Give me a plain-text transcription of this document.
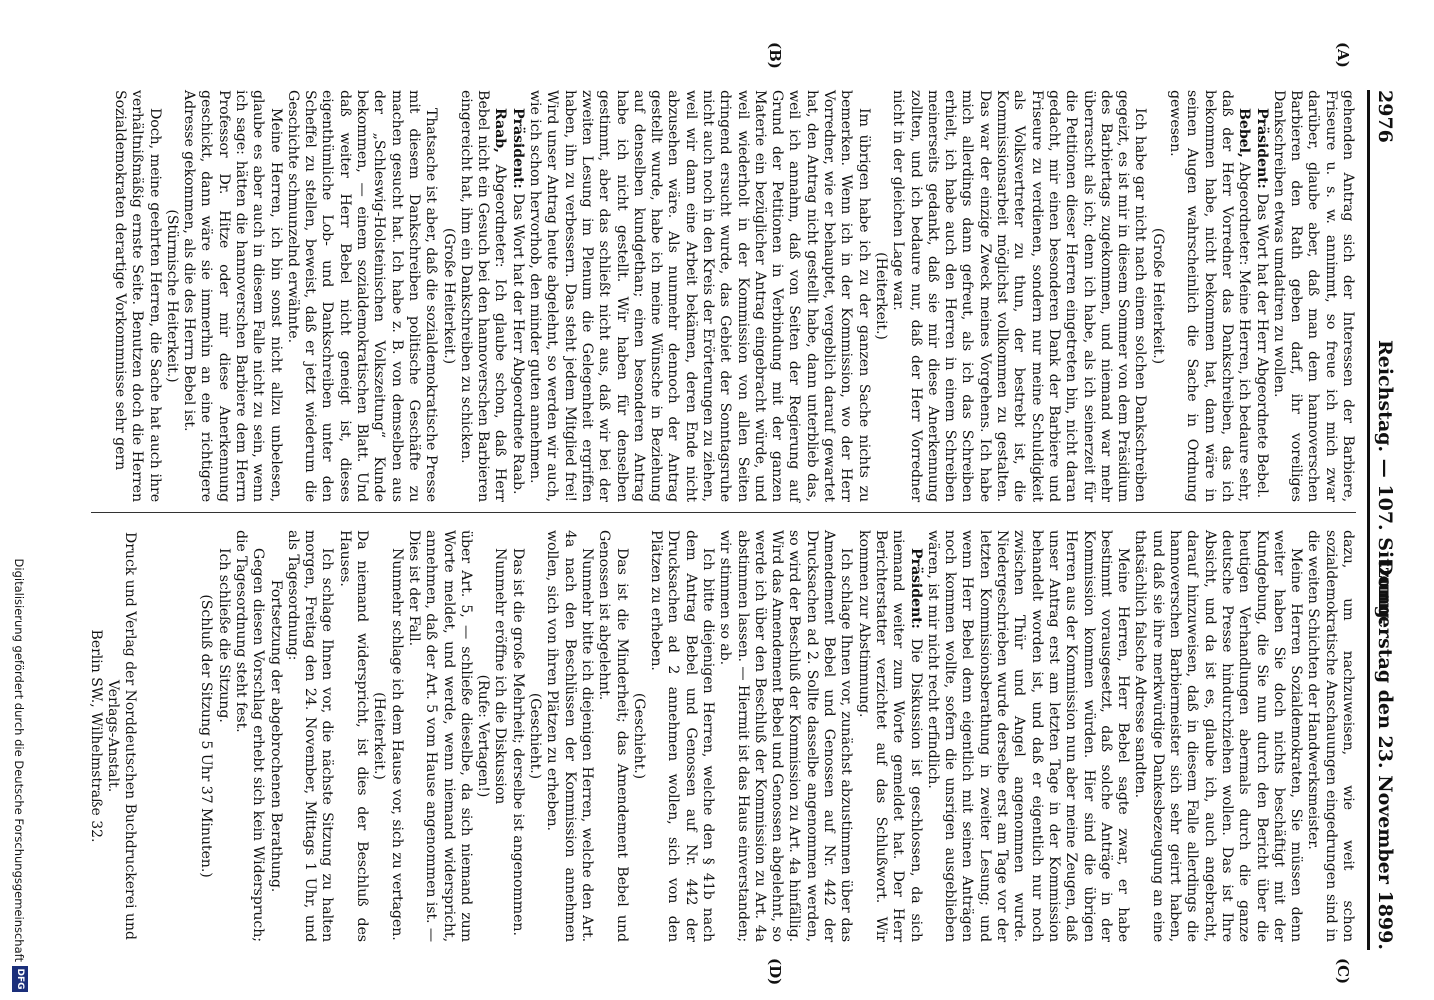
2976
Reichstag. — 107. Sitzung.
Donnerstag den 23. November 1899.
(A)
(B)
(C)
(D)

gehenden Antrag sich der Interessen der Barbiere, Friseure u. s. w. annimmt, so freue ich mich zwar darüber, glaube aber, daß man dem hannoverschen Barbieren den Rath geben darf, ihr voreiliges Dankschreiben etwas umdatiren zu wollen.

Präsident: Das Wort hat der Herr Abgeordnete Bebel.

Bebel, Abgeordneter: Meine Herren, ich bedaure sehr, daß der Herr Vorredner das Dankschreiben, das ich bekommen habe, nicht bekommen hat, dann wäre in seinen Augen wahrscheinlich die Sache in Ordnung gewesen.

(Große Heiterkeit.)

Ich habe gar nicht nach einem solchen Dankschreiben gegeizt, es ist mir in diesem Sommer von dem Präsidium des Barbiertags zugekommen, und niemand war mehr überrascht als ich; denn ich habe, als ich seinerzeit für die Petitionen dieser Herren eingetreten bin, nicht daran gedacht, mir einen besonderen Dank der Barbiere und Friseure zu verdienen, sondern nur meine Schuldigkeit als Volksvertreter zu thun, der bestrebt ist, die Kommissionsarbeit möglichst vollkommen zu gestalten. Das war der einzige Zweck meines Vorgehens. Ich habe mich allerdings dann gefreut, als ich das Schreiben erhielt, ich habe auch den Herren in einem Schreiben meinerseits gedankt, daß sie mir diese Anerkennung zollten, und ich bedaure nur, daß der Herr Vorredner nicht in der gleichen Lage war.

(Heiterkeit.)

Im übrigen habe ich zu der ganzen Sache nichts zu bemerken. Wenn ich in der Kommission, wo der Herr Vorredner, wie er behauptet, vergeblich darauf gewartet hat, den Antrag nicht gestellt habe, dann unterblieb das, weil ich annahm, daß von Seiten der Regierung auf Grund der Petitionen in Verbindung mit der ganzen Materie ein bezüglicher Antrag eingebracht würde, und weil wiederholt in der Kommission von allen Seiten dringend ersucht wurde, das Gebiet der Sonntagsruhe nicht auch noch in den Kreis der Erörterungen zu ziehen, weil wir dann eine Arbeit bekämen, deren Ende nicht abzusehen wäre. Als nunmehr dennoch der Antrag gestellt wurde, habe ich meine Wünsche in Beziehung auf denselben kundgethan; einen besonderen Antrag habe ich nicht gestellt. Wir haben für denselben gestimmt, aber das schließt nicht aus, daß wir bei der zweiten Lesung im Plenum die Gelegenheit ergriffen haben, ihn zu verbessern. Das steht jedem Mitglied frei! Wird unser Antrag heute abgelehnt, so werden wir auch, wie ich schon hervorhob, den minder guten annehmen.

Präsident: Das Wort hat der Herr Abgeordnete Raab.

Raab, Abgeordneter: Ich glaube schon, daß Herr Bebel nicht ein Gesuch bei den hannoverschen Barbieren eingereicht hat, ihm ein Dankschreiben zu schicken.

(Große Heiterkeit.)

Thatsache ist aber, daß die sozialdemokratische Presse mit diesem Dankschreiben politische Geschäfte zu machen gesucht hat. Ich habe z. B. von demselben aus der „Schleswig-Holsteinischen Volkszeitung“ Kunde bekommen, — einem sozialdemokratischen Blatt. Und daß weiter Herr Bebel nicht geneigt ist, dieses eigenthümliche Lob- und Dankschreiben unter den Scheffel zu stellen, beweist, daß er jetzt wiederum die Geschichte schmunzelnd erwähnte.

Meine Herren, ich bin sonst nicht allzu unbelesen, glaube es aber auch in diesem Falle nicht zu sein, wenn ich sage: hätten die hannoverschen Barbiere dem Herrn Professor Dr. Hitze oder mir diese Anerkennung geschickt, dann wäre sie immerhin an eine richtigere Adresse gekommen, als die des Herrn Bebel ist.

(Stürmische Heiterkeit.)

Doch, meine geehrten Herren, die Sache hat auch ihre verhältnißmäßig ernste Seite. Benutzen doch die Herren Sozialdemokraten derartige Vorkommnisse sehr gern

dazu, um nachzuweisen, wie weit schon sozialdemokratische Anschauungen eingedrungen sind in die weiten Schichten der Handwerksmeister.

Meine Herren Sozialdemokraten, Sie müssen denn weiter haben Sie doch nichts beschäftigt mit der Kundgebung, die Sie nun durch den Bericht über die heutigen Verhandlungen abermals durch die ganze deutsche Presse hindurchziehen wollen. Das ist Ihre Absicht, und da ist es, glaube ich, auch angebracht, darauf hinzuweisen, daß in diesem Falle allerdings die hannoverschen Barbiermeister sich sehr geirrt haben, und daß sie ihre merkwürdige Dankesbezeugung an eine thatsächlich falsche Adresse sandten.

Meine Herren, Herr Bebel sagte zwar, er habe bestimmt vorausgesetzt, daß solche Anträge in der Kommission kommen würden. Hier sind die übrigen Herren aus der Kommission nun aber meine Zeugen, daß unser Antrag erst am letzten Tage in der Kommission behandelt worden ist, und daß er eigentlich nur noch zwischen Thür und Angel angenommen wurde. Niedergeschrieben wurde derselbe erst am Tage vor der letzten Kommissionsberathung in zweiter Lesung; und wenn Herr Bebel denn eigentlich mit seinen Anträgen noch kommen wollte, sofern die unsrigen ausgeblieben wären, ist mir nicht recht erfindlich.

Präsident: Die Diskussion ist geschlossen, da sich niemand weiter zum Worte gemeldet hat. Der Herr Berichterstatter verzichtet auf das Schlußwort. Wir kommen zur Abstimmung.

Ich schlage Ihnen vor, zunächst abzustimmen über das Amendement Bebel und Genossen auf Nr. 442 der Drucksachen ad 2. Sollte dasselbe angenommen werden, so wird der Beschluß der Kommission zu Art. 4a hinfällig. Wird das Amendement Bebel und Genossen abgelehnt, so werde ich über den Beschluß der Kommission zu Art. 4a abstimmen lassen. — Hiermit ist das Haus einverstanden; wir stimmen so ab.

Ich bitte diejenigen Herren, welche den § 41b nach dem Antrag Bebel und Genossen auf Nr. 442 der Drucksachen ad 2 annehmen wollen, sich von den Plätzen zu erheben.

(Geschieht.)

Das ist die Minderheit; das Amendement Bebel und Genossen ist abgelehnt.

Nunmehr bitte ich diejenigen Herren, welche den Art. 4a nach den Beschlüssen der Kommission annehmen wollen, sich von ihren Plätzen zu erheben.

(Geschieht.)

Das ist die große Mehrheit; derselbe ist angenommen.

Nunmehr eröffne ich die Diskussion

(Rufe: Vertagen!)

über Art. 5, — schließe dieselbe, da sich niemand zum Worte meldet, und werde, wenn niemand widerspricht, annehmen, daß der Art. 5 vom Hause angenommen ist. — Dies ist der Fall.

Nunmehr schlage ich dem Hause vor, sich zu vertagen.

(Heiterkeit.)

Da niemand widerspricht, ist dies der Beschluß des Hauses.

Ich schlage Ihnen vor, die nächste Sitzung zu halten morgen, Freitag den 24. November, Mittags 1 Uhr, und als Tagesordnung:

Fortsetzung der abgebrochenen Berathung.

Gegen diesen Vorschlag erhebt sich kein Widerspruch; die Tagesordnung steht fest.

Ich schließe die Sitzung.

(Schluß der Sitzung 5 Uhr 37 Minuten.)

Druck und Verlag der Norddeutschen Buchdruckerei und Verlags-Anstalt.
Berlin SW., Wilhelmstraße 32.
Digitalisierung gefördert durch die Deutsche Forschungsgemeinschaft
DFG
